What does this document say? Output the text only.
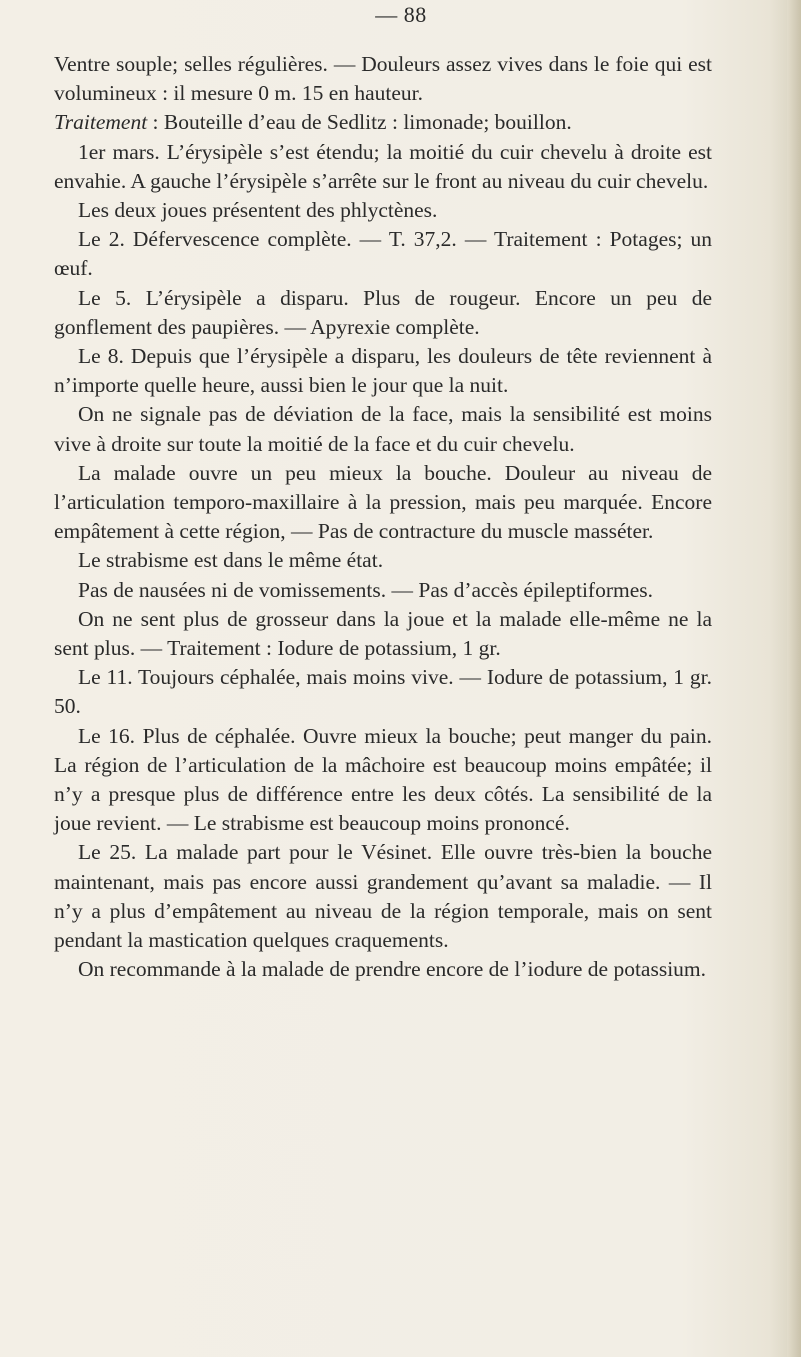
— 88

Ventre souple; selles régulières. — Douleurs assez vives dans le foie qui est volumineux : il mesure 0 m. 15 en hauteur.

Traitement : Bouteille d’eau de Sedlitz : limonade; bouillon.

1er mars. L’érysipèle s’est étendu; la moitié du cuir chevelu à droite est envahie. A gauche l’érysipèle s’arrête sur le front au niveau du cuir chevelu.

Les deux joues présentent des phlyctènes.

Le 2. Défervescence complète. — T. 37,2. — Traitement : Potages; un œuf.

Le 5. L’érysipèle a disparu. Plus de rougeur. Encore un peu de gonflement des paupières. — Apyrexie complète.

Le 8. Depuis que l’érysipèle a disparu, les douleurs de tête reviennent à n’importe quelle heure, aussi bien le jour que la nuit.

On ne signale pas de déviation de la face, mais la sensibilité est moins vive à droite sur toute la moitié de la face et du cuir chevelu.

La malade ouvre un peu mieux la bouche. Douleur au niveau de l’articulation temporo-maxillaire à la pression, mais peu marquée. Encore empâtement à cette région, — Pas de contracture du muscle masséter.

Le strabisme est dans le même état.

Pas de nausées ni de vomissements. — Pas d’accès épileptiformes.

On ne sent plus de grosseur dans la joue et la malade elle-même ne la sent plus. — Traitement : Iodure de potassium, 1 gr.

Le 11. Toujours céphalée, mais moins vive. — Iodure de potassium, 1 gr. 50.

Le 16. Plus de céphalée. Ouvre mieux la bouche; peut manger du pain. La région de l’articulation de la mâchoire est beaucoup moins empâtée; il n’y a presque plus de différence entre les deux côtés. La sensibilité de la joue revient. — Le strabisme est beaucoup moins prononcé.

Le 25. La malade part pour le Vésinet. Elle ouvre très-bien la bouche maintenant, mais pas encore aussi grandement qu’avant sa maladie. — Il n’y a plus d’empâtement au niveau de la région temporale, mais on sent pendant la mastication quelques craquements.

On recommande à la malade de prendre encore de l’iodure de potassium.
